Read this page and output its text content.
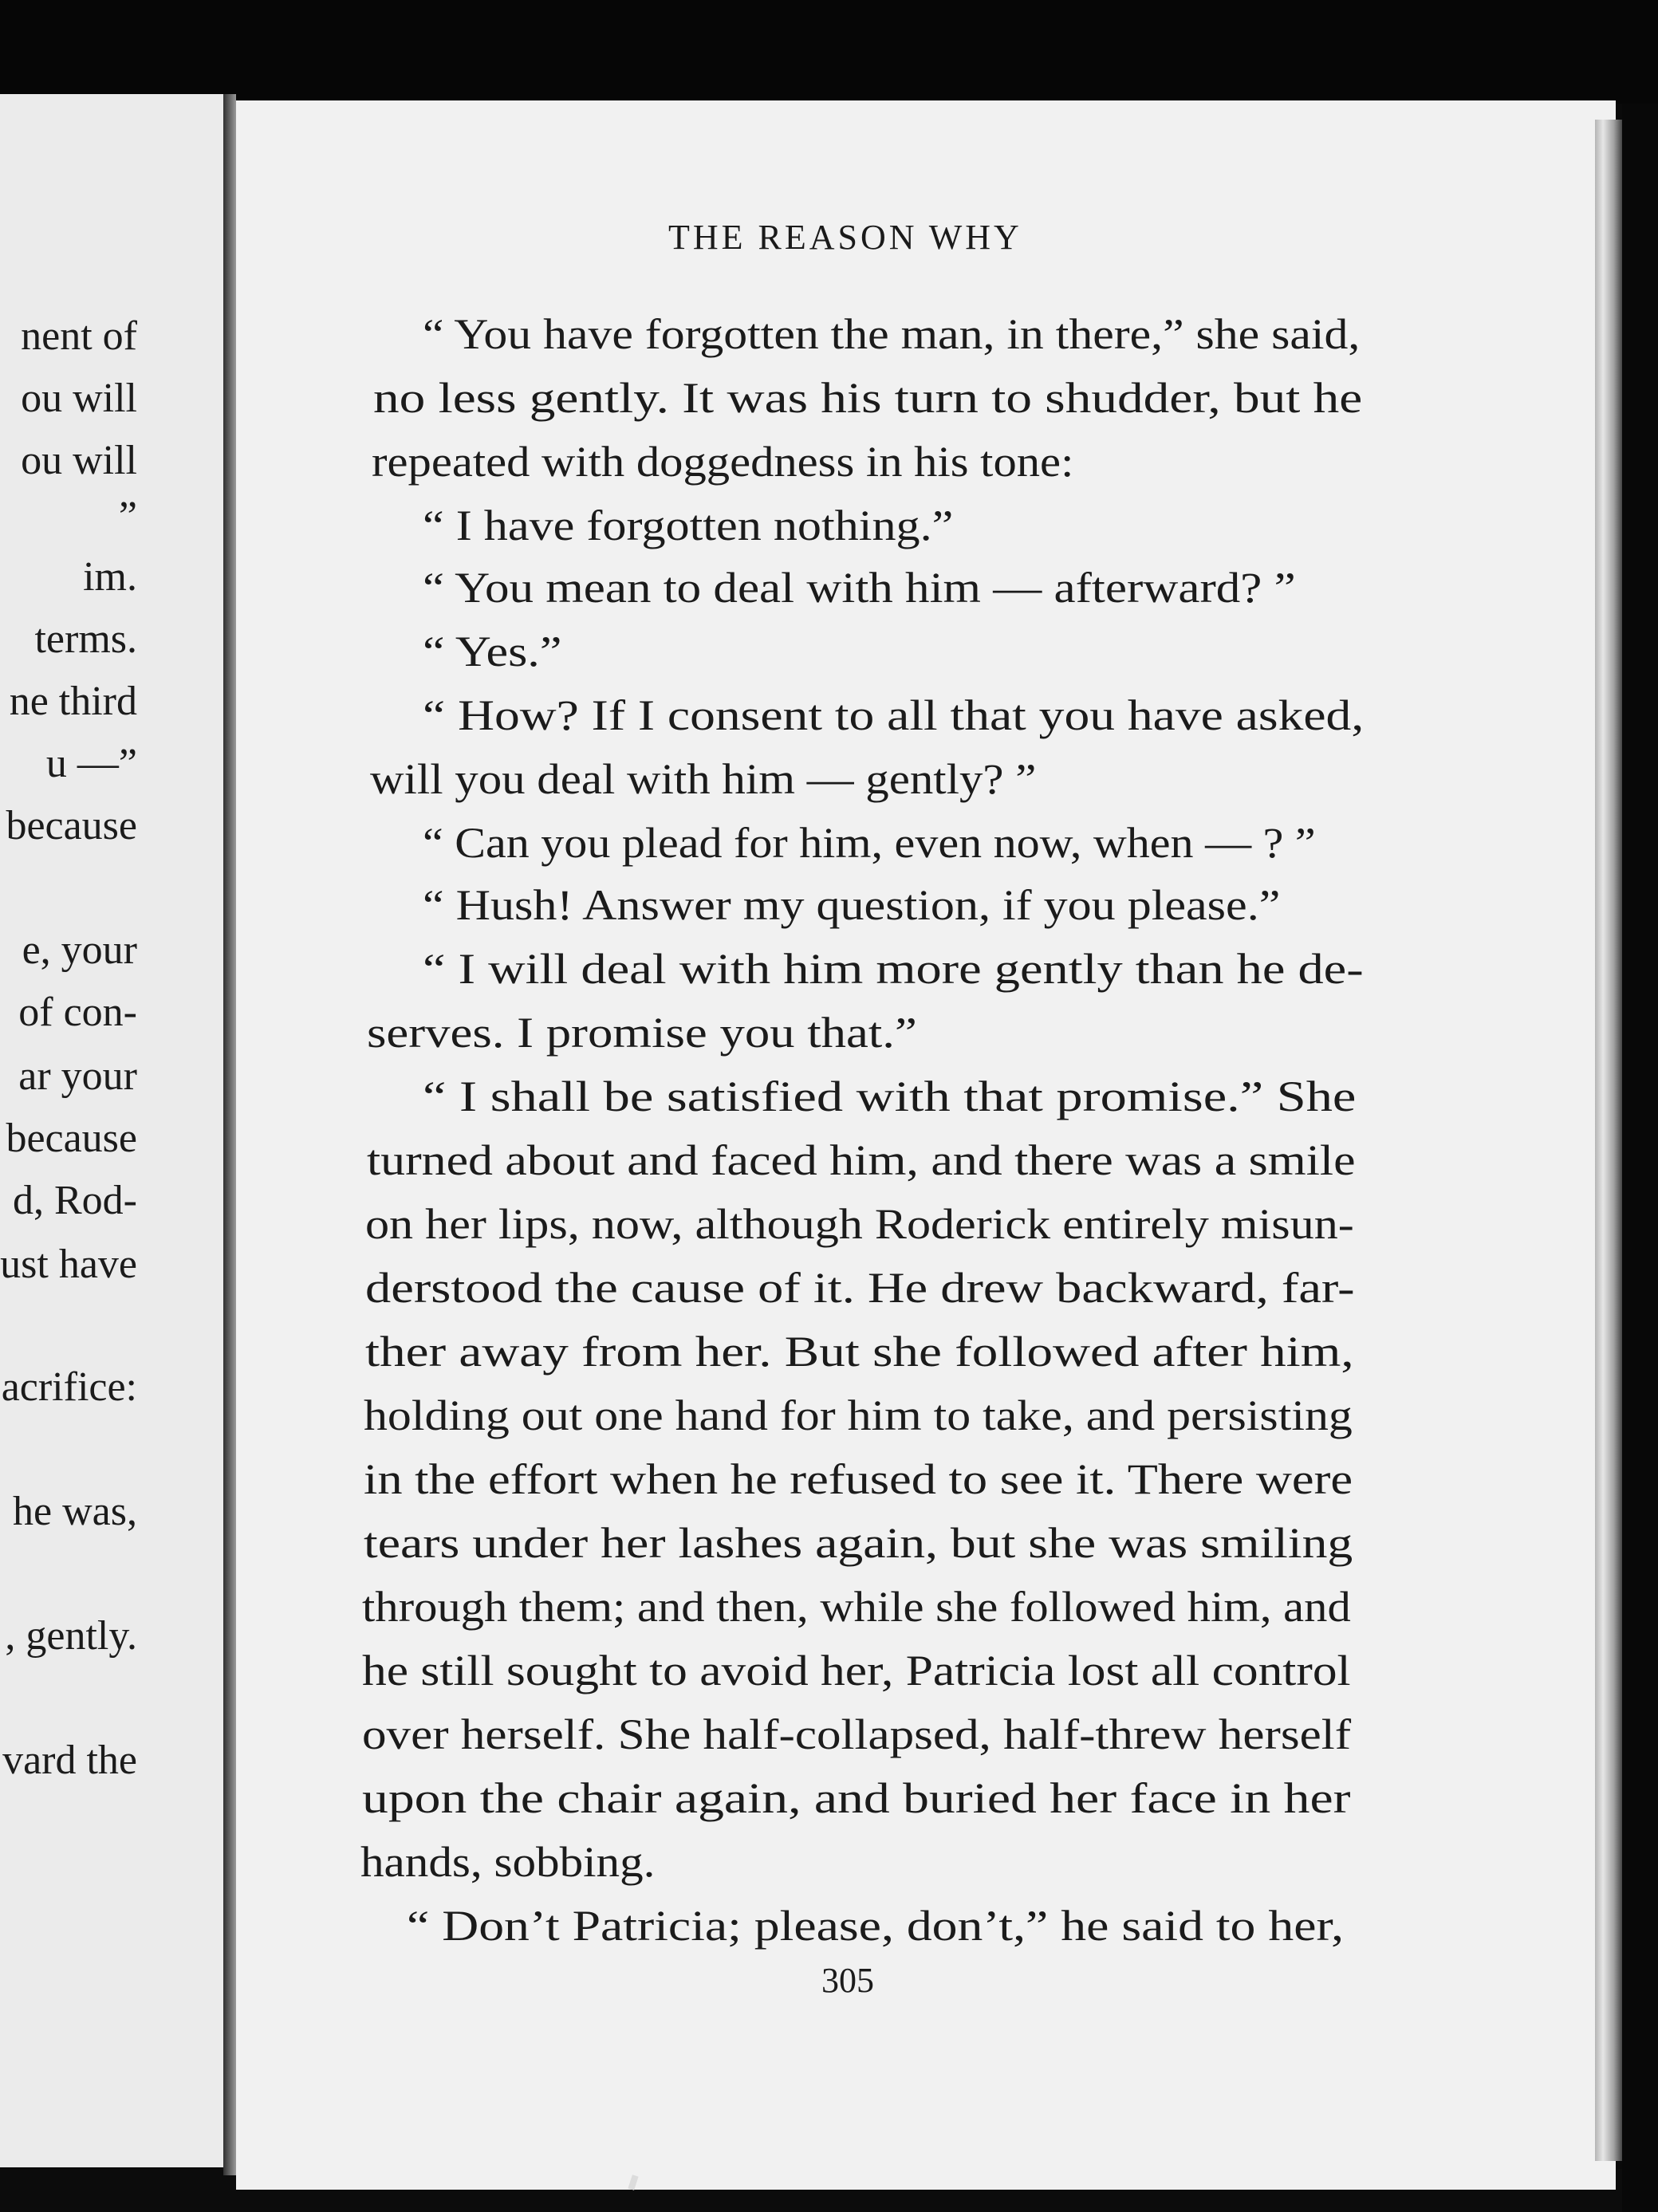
nent of

ou will

ou will

”

im.

terms.

ne third

u —”

because

e, your

of con-

ar your

because

d, Rod-

ust have

acrifice:

he was,

, gently.

vard the

THE REASON WHY

“ You have forgotten the man, in there,” she said,

no less gently. It was his turn to shudder, but he

repeated with doggedness in his tone:

“ I have forgotten nothing.”

“ You mean to deal with him — afterward? ”

“ Yes.”

“ How? If I consent to all that you have asked,

will you deal with him — gently? ”

“ Can you plead for him, even now, when — ? ”

“ Hush! Answer my question, if you please.”

“ I will deal with him more gently than he de-

serves. I promise you that.”

“ I shall be satisfied with that promise.” She

turned about and faced him, and there was a smile

on her lips, now, although Roderick entirely misun-

derstood the cause of it. He drew backward, far-

ther away from her. But she followed after him,

holding out one hand for him to take, and persisting

in the effort when he refused to see it. There were

tears under her lashes again, but she was smiling

through them; and then, while she followed him, and

he still sought to avoid her, Patricia lost all control

over herself. She half-collapsed, half-threw herself

upon the chair again, and buried her face in her

hands, sobbing.

“ Don’t Patricia; please, don’t,” he said to her,

305
